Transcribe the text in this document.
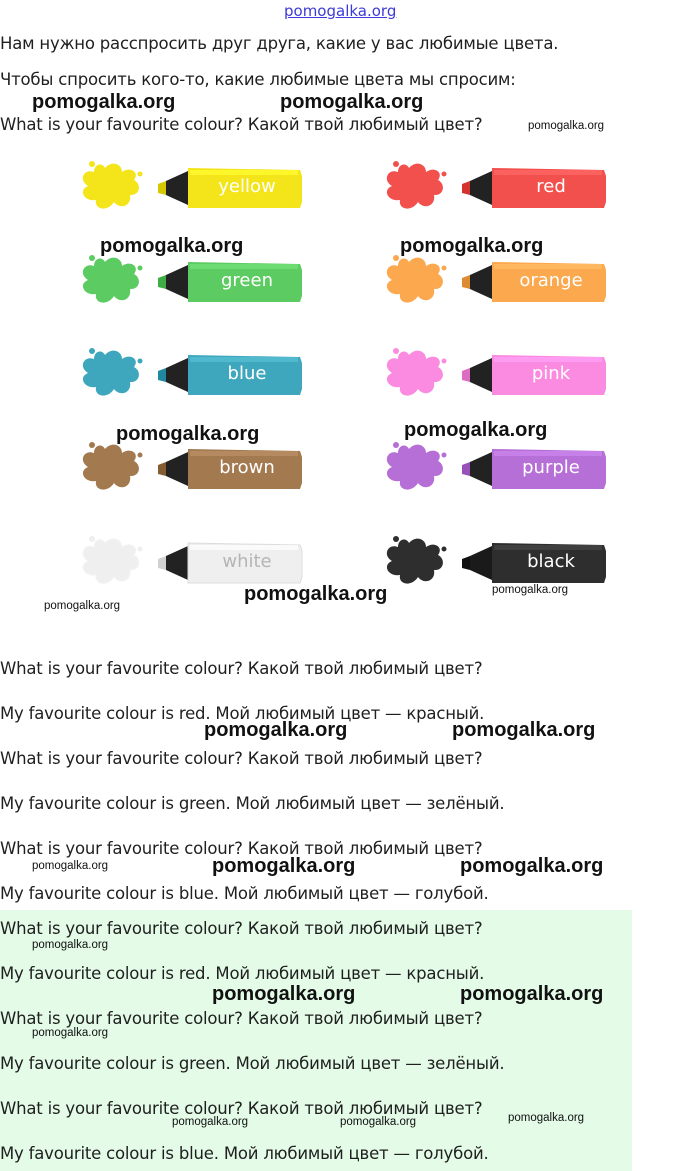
pomogalka.org
Нам нужно расспросить друг друга, какие у вас любимые цвета.
Чтобы спросить кого-то, какие любимые цвета мы спросим:
What is your favourite colour? Какой твой любимый цвет?
yellow	red
green	orange
blue	pink
brown	purple
white	black
What is your favourite colour? Какой твой любимый цвет?
My favourite colour is red. Мой любимый цвет — красный.
What is your favourite colour? Какой твой любимый цвет?
My favourite colour is green. Мой любимый цвет — зелёный.
What is your favourite colour? Какой твой любимый цвет?
My favourite colour is blue. Мой любимый цвет — голубой.
What is your favourite colour? Какой твой любимый цвет?
My favourite colour is red. Мой любимый цвет — красный.
What is your favourite colour? Какой твой любимый цвет?
My favourite colour is green. Мой любимый цвет — зелёный.
What is your favourite colour? Какой твой любимый цвет?
My favourite colour is blue. Мой любимый цвет — голубой.
pomogalka.org	pomogalka.org
pomogalka.org
pomogalka.org	pomogalka.org
pomogalka.org	pomogalka.org
pomogalka.org
pomogalka.org	pomogalka.org
pomogalka.org	pomogalka.org
pomogalka.org	pomogalka.org	pomogalka.org
pomogalka.org
pomogalka.org	pomogalka.org
pomogalka.org
pomogalka.org	pomogalka.org	pomogalka.org
